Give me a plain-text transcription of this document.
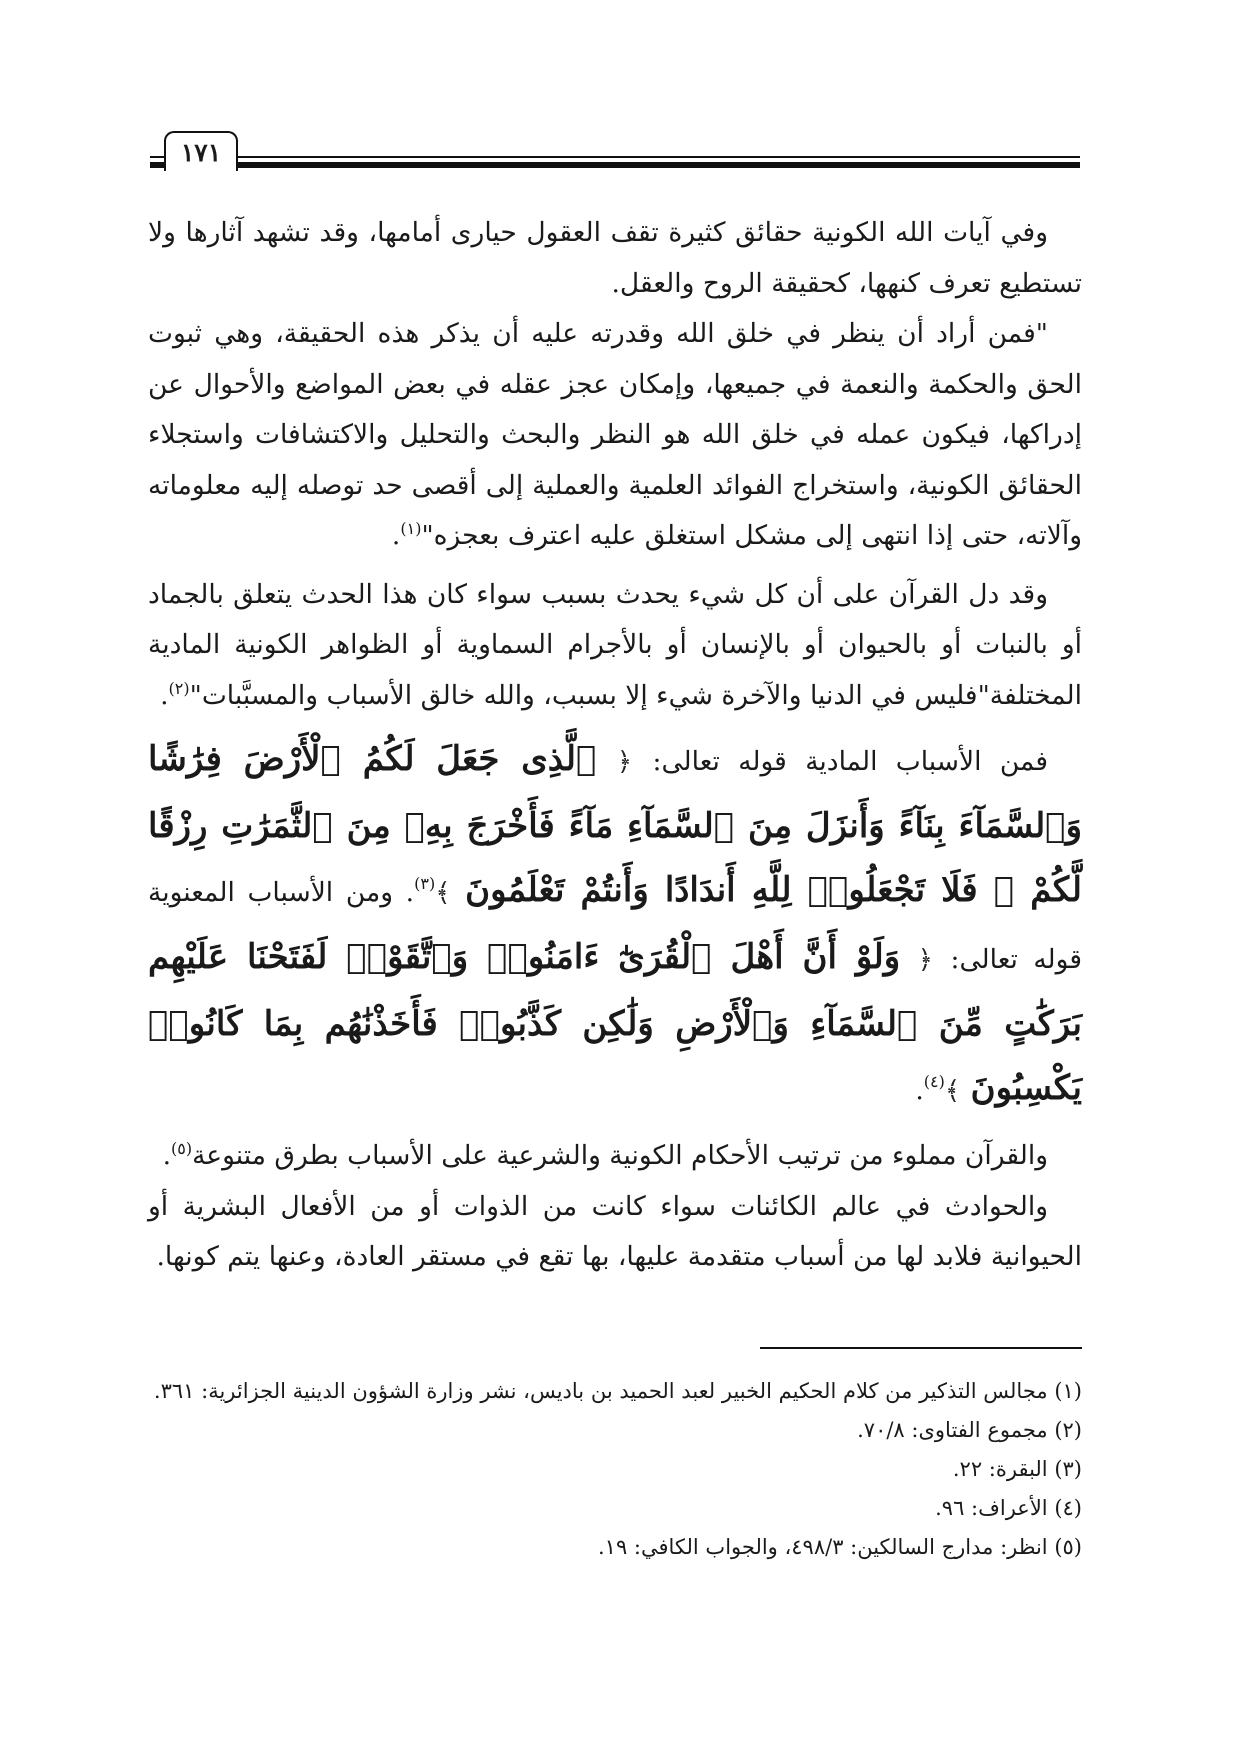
١٧١

وفي آيات الله الكونية حقائق كثيرة تقف العقول حيارى أمامها، وقد تشهد آثارها ولا تستطيع تعرف كنهها، كحقيقة الروح والعقل.

"فمن أراد أن ينظر في خلق الله وقدرته عليه أن يذكر هذه الحقيقة، وهي ثبوت الحق والحكمة والنعمة في جميعها، وإمكان عجز عقله في بعض المواضع والأحوال عن إدراكها، فيكون عمله في خلق الله هو النظر والبحث والتحليل والاكتشافات واستجلاء الحقائق الكونية، واستخراج الفوائد العلمية والعملية إلى أقصى حد توصله إليه معلوماته وآلاته، حتى إذا انتهى إلى مشكل استغلق عليه اعترف بعجزه"$^{(١)}$.

وقد دل القرآن على أن كل شيء يحدث بسبب سواء كان هذا الحدث يتعلق بالجماد أو بالنبات أو بالحيوان أو بالإنسان أو بالأجرام السماوية أو الظواهر الكونية المادية المختلفة"فليس في الدنيا والآخرة شيء إلا بسبب، والله خالق الأسباب والمسبَّبات"$^{(٢)}$.

فمن الأسباب المادية قوله تعالى: ﴿ ٱلَّذِى جَعَلَ لَكُمُ ٱلْأَرْضَ فِرَٰشًا وَٱلسَّمَآءَ بِنَآءً وَأَنزَلَ مِنَ ٱلسَّمَآءِ مَآءً فَأَخْرَجَ بِهِۦ مِنَ ٱلثَّمَرَٰتِ رِزْقًا لَّكُمْ ۖ فَلَا تَجْعَلُوا۟ لِلَّهِ أَندَادًا وَأَنتُمْ تَعْلَمُونَ ﴾$^{(٣)}$. ومن الأسباب المعنوية قوله تعالى: ﴿ وَلَوْ أَنَّ أَهْلَ ٱلْقُرَىٰٓ ءَامَنُوا۟ وَٱتَّقَوْا۟ لَفَتَحْنَا عَلَيْهِم بَرَكَٰتٍ مِّنَ ٱلسَّمَآءِ وَٱلْأَرْضِ وَلَٰكِن كَذَّبُوا۟ فَأَخَذْنَٰهُم بِمَا كَانُوا۟ يَكْسِبُونَ ﴾$^{(٤)}$.

والقرآن مملوء من ترتيب الأحكام الكونية والشرعية على الأسباب بطرق متنوعة$^{(٥)}$.

والحوادث في عالم الكائنات سواء كانت من الذوات أو من الأفعال البشرية أو الحيوانية فلابد لها من أسباب متقدمة عليها، بها تقع في مستقر العادة، وعنها يتم كونها.

(١) مجالس التذكير من كلام الحكيم الخبير لعبد الحميد بن باديس، نشر وزارة الشؤون الدينية الجزائرية: ٣٦١.

(٢) مجموع الفتاوى: ٧٠/٨.

(٣) البقرة: ٢٢.

(٤) الأعراف: ٩٦.

(٥) انظر: مدارج السالكين: ٤٩٨/٣، والجواب الكافي: ١٩.
